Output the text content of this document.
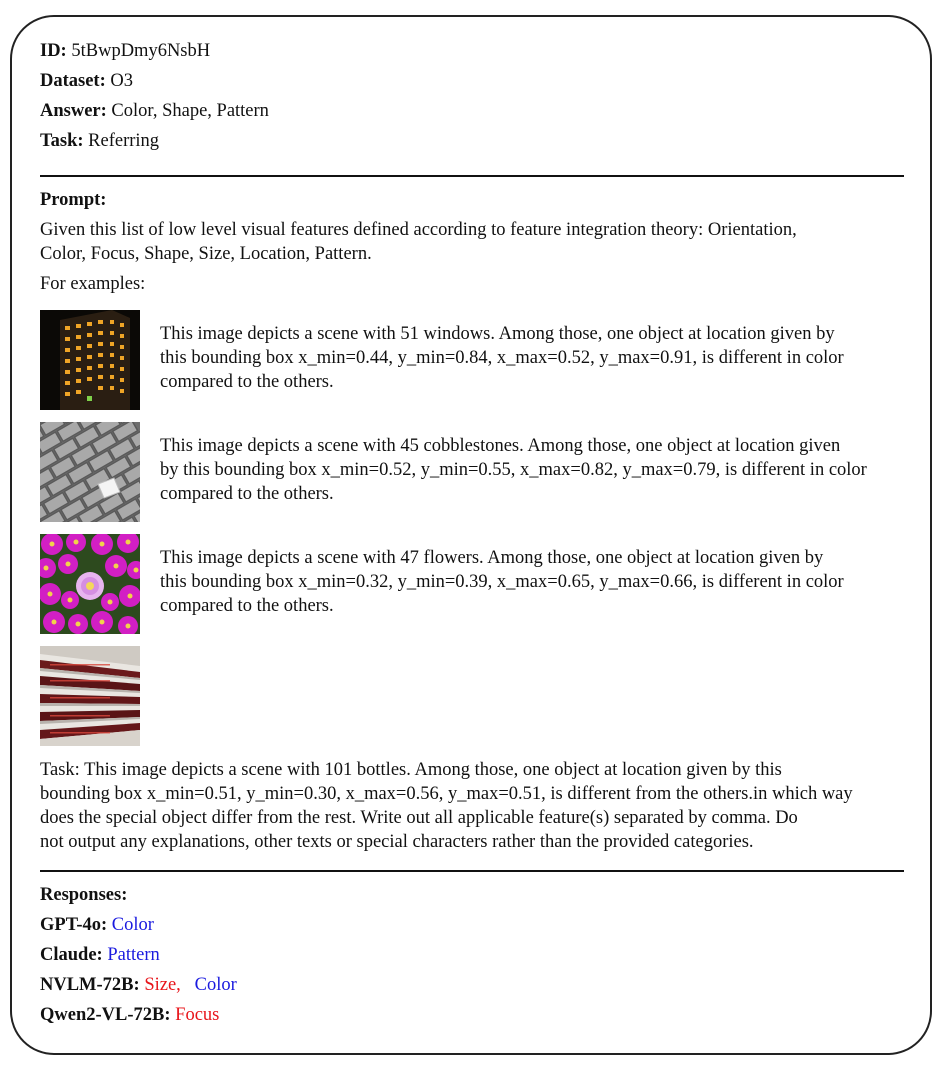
ID: 5tBwpDmy6NsbH
Dataset: O3
Answer: Color, Shape, Pattern
Task: Referring
Prompt:
Given this list of low level visual features defined according to feature integration theory: Orientation,
Color, Focus, Shape, Size, Location, Pattern.
For examples:
This image depicts a scene with 51 windows. Among those, one object at location given by
this bounding box x_min=0.44, y_min=0.84, x_max=0.52, y_max=0.91, is different in color
compared to the others.
This image depicts a scene with 45 cobblestones. Among those, one object at location given
by this bounding box x_min=0.52, y_min=0.55, x_max=0.82, y_max=0.79, is different in color
compared to the others.
This image depicts a scene with 47 flowers. Among those, one object at location given by
this bounding box x_min=0.32, y_min=0.39, x_max=0.65, y_max=0.66, is different in color
compared to the others.
Task: This image depicts a scene with 101 bottles. Among those, one object at location given by this
bounding box x_min=0.51, y_min=0.30, x_max=0.56, y_max=0.51, is different from the others.in which way
does the special object differ from the rest. Write out all applicable feature(s) separated by comma. Do
not output any explanations, other texts or special characters rather than the provided categories.
Responses:
GPT-4o: Color
Claude: Pattern
NVLM-72B: Size, Color
Qwen2-VL-72B: Focus
